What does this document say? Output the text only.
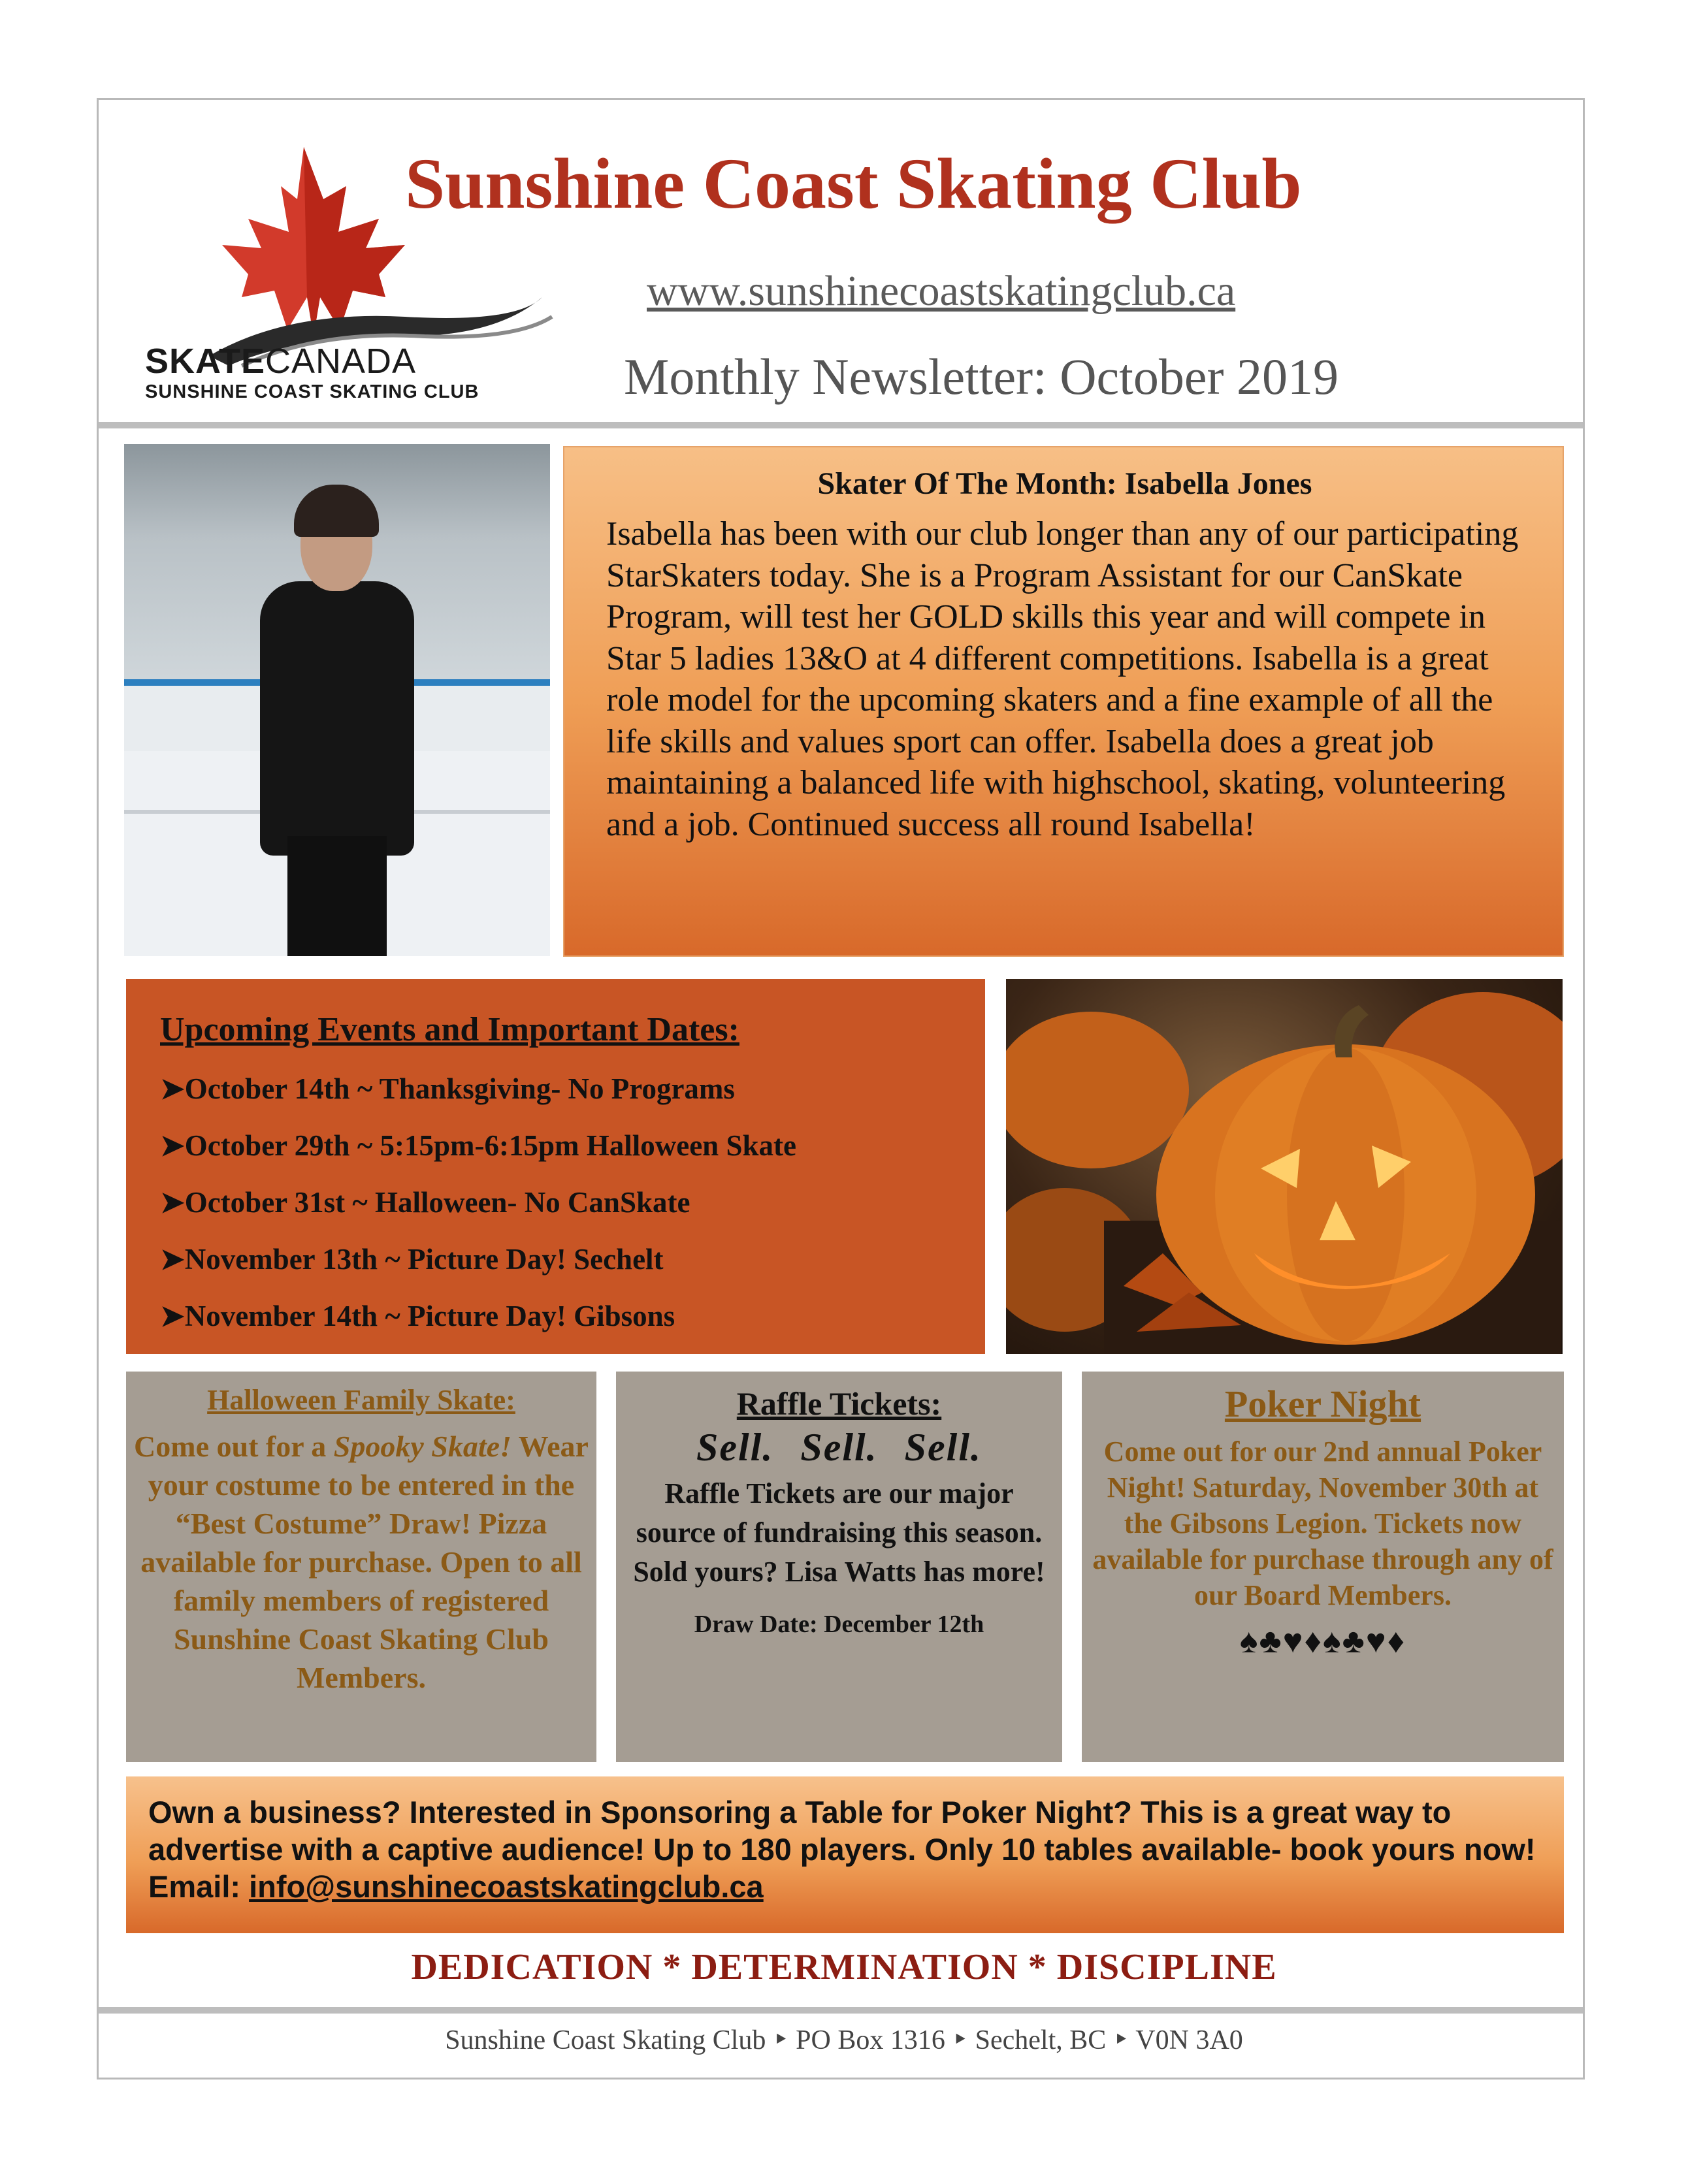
SKATECANADA
SUNSHINE COAST SKATING CLUB
Sunshine Coast Skating Club
www.sunshinecoastskatingclub.ca
Monthly Newsletter: October 2019

Skater Of The Month: Isabella Jones

Isabella has been with our club longer than any of our participating StarSkaters today. She is a Program Assistant for our CanSkate Program, will test her GOLD skills this year and will compete in Star 5 ladies 13&O at 4 different competitions. Isabella is a great role model for the upcoming skaters and a fine example of all the life skills and values sport can offer. Isabella does a great job maintaining a balanced life with highschool, skating, volunteering and a job. Continued success all round Isabella!

Upcoming Events and Important Dates:

➤October 14th ~ Thanksgiving- No Programs
➤October 29th ~ 5:15pm-6:15pm Halloween Skate
➤October 31st ~ Halloween- No CanSkate
➤November 13th ~ Picture Day! Sechelt
➤November 14th ~ Picture Day! Gibsons

Halloween Family Skate:

Come out for a Spooky Skate! Wear your costume to be entered in the “Best Costume” Draw! Pizza available for purchase. Open to all family members of registered Sunshine Coast Skating Club Members.

Raffle Tickets:

Sell. Sell. Sell.

Raffle Tickets are our major source of fundraising this season. Sold yours? Lisa Watts has more!

Draw Date: December 12th

Poker Night

Come out for our 2nd annual Poker Night! Saturday, November 30th at the Gibsons Legion. Tickets now available for purchase through any of our Board Members.

♠♣♥♦♠♣♥♦

Own a business? Interested in Sponsoring a Table for Poker Night? This is a great way to advertise with a captive audience! Up to 180 players. Only 10 tables available- book yours now! Email: info@sunshinecoastskatingclub.ca

DEDICATION * DETERMINATION * DISCIPLINE
Sunshine Coast Skating Club ‣ PO Box 1316 ‣ Sechelt, BC ‣ V0N 3A0
